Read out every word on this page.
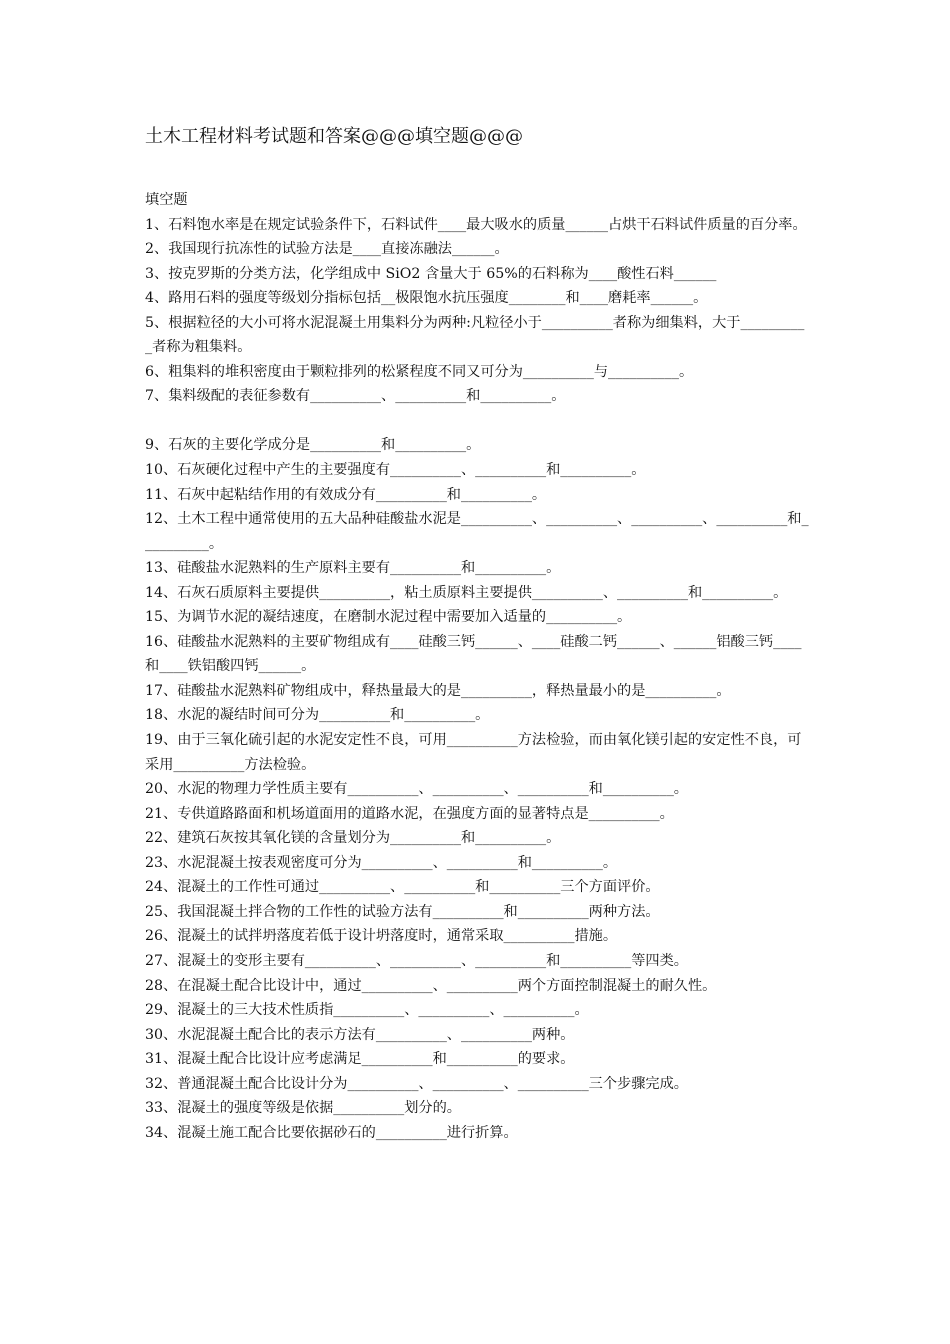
土木工程材料考试题和答案@@@填空题@@@
填空题

1、石料饱水率是在规定试验条件下，石料试件____最大吸水的质量______占烘干石料试件质量的百分率。

2、我国现行抗冻性的试验方法是____直接冻融法______。

3、按克罗斯的分类方法，化学组成中 SiO2 含量大于 65%的石料称为____酸性石料______

4、路用石料的强度等级划分指标包括__极限饱水抗压强度________和____磨耗率______。

5、根据粒径的大小可将水泥混凝土用集料分为两种:凡粒径小于__________者称为细集料，大于__________者称为粗集料。

6、粗集料的堆积密度由于颗粒排列的松紧程度不同又可分为__________与__________。

7、集料级配的表征参数有__________、__________和__________。

9、石灰的主要化学成分是__________和__________。

10、石灰硬化过程中产生的主要强度有__________、__________和__________。

11、石灰中起粘结作用的有效成分有__________和__________。

12、土木工程中通常使用的五大品种硅酸盐水泥是__________、__________、__________、__________和__________。

13、硅酸盐水泥熟料的生产原料主要有__________和__________。

14、石灰石质原料主要提供__________，粘土质原料主要提供__________、__________和__________。

15、为调节水泥的凝结速度，在磨制水泥过程中需要加入适量的__________。

16、硅酸盐水泥熟料的主要矿物组成有____硅酸三钙______、____硅酸二钙______、______铝酸三钙____和____铁铝酸四钙______。

17、硅酸盐水泥熟料矿物组成中，释热量最大的是__________，释热量最小的是__________。

18、水泥的凝结时间可分为__________和__________。

19、由于三氧化硫引起的水泥安定性不良，可用__________方法检验，而由氧化镁引起的安定性不良，可采用__________方法检验。

20、水泥的物理力学性质主要有__________、__________、__________和__________。

21、专供道路路面和机场道面用的道路水泥，在强度方面的显著特点是__________。

22、建筑石灰按其氧化镁的含量划分为__________和__________。

23、水泥混凝土按表观密度可分为__________、__________和__________。

24、混凝土的工作性可通过__________、__________和__________三个方面评价。

25、我国混凝土拌合物的工作性的试验方法有__________和__________两种方法。

26、混凝土的试拌坍落度若低于设计坍落度时，通常采取__________措施。

27、混凝土的变形主要有__________、__________、__________和__________等四类。

28、在混凝土配合比设计中，通过__________、__________两个方面控制混凝土的耐久性。

29、混凝土的三大技术性质指__________、__________、__________。

30、水泥混凝土配合比的表示方法有__________、__________两种。

31、混凝土配合比设计应考虑满足__________和__________的要求。

32、普通混凝土配合比设计分为__________、__________、__________三个步骤完成。

33、混凝土的强度等级是依据__________划分的。

34、混凝土施工配合比要依据砂石的__________进行折算。
